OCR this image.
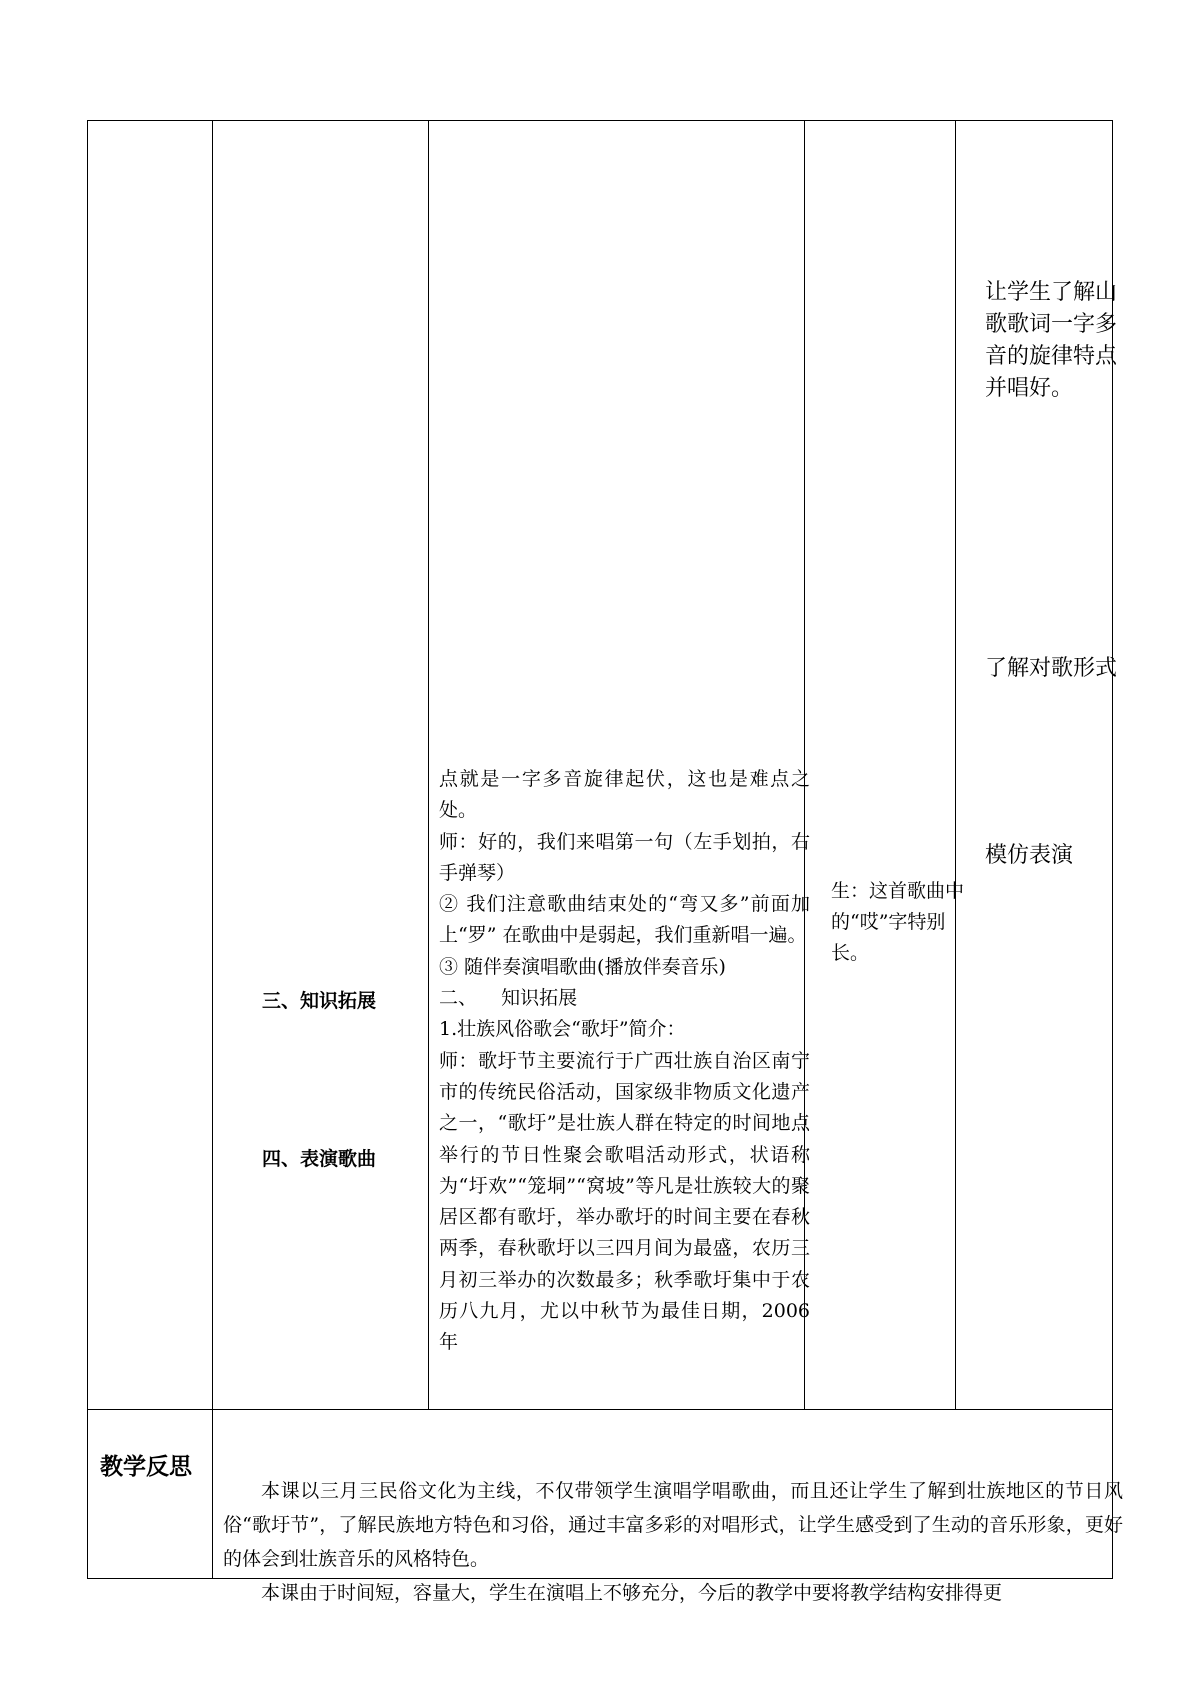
三、知识拓展
四、表演歌曲

点就是一字多音旋律起伏，这也是难点之处。

师：好的，我们来唱第一句（左手划拍，右手弹琴）

② 我们注意歌曲结束处的“弯又多”前面加上“罗” 在歌曲中是弱起，我们重新唱一遍。

③ 随伴奏演唱歌曲(播放伴奏音乐)

二、    知识拓展

1.壮族风俗歌会“歌圩”简介：

师：歌圩节主要流行于广西壮族自治区南宁市的传统民俗活动，国家级非物质文化遗产之一，“歌圩”是壮族人群在特定的时间地点举行的节日性聚会歌唱活动形式，状语称为“圩欢”“笼垌”“窝坡”等凡是壮族较大的聚居区都有歌圩，举办歌圩的时间主要在春秋两季，春秋歌圩以三四月间为最盛，农历三月初三举办的次数最多；秋季歌圩集中于农历八九月，尤以中秋节为最佳日期，2006年

生：这首歌曲中的“哎”字特别长。
让学生了解山歌歌词一字多音的旋律特点并唱好。
了解对歌形式
模仿表演
教学反思

本课以三月三民俗文化为主线，不仅带领学生演唱学唱歌曲，而且还让学生了解到壮族地区的节日风俗“歌圩节”，了解民族地方特色和习俗，通过丰富多彩的对唱形式，让学生感受到了生动的音乐形象，更好的体会到壮族音乐的风格特色。

本课由于时间短，容量大，学生在演唱上不够充分，今后的教学中要将教学结构安排得更
